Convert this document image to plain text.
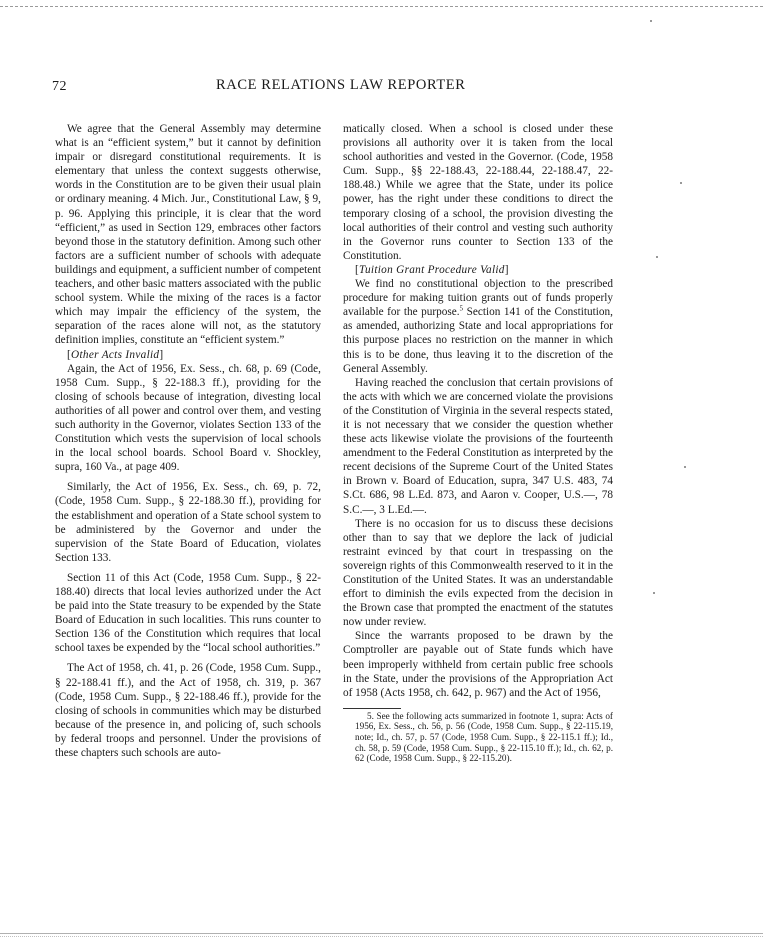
72	RACE RELATIONS LAW REPORTER

We agree that the General Assembly may determine what is an “efficient system,” but it cannot by definition impair or disregard constitutional requirements. It is elementary that unless the context suggests otherwise, words in the Constitution are to be given their usual plain or ordinary meaning. 4 Mich. Jur., Constitutional Law, § 9, p. 96. Applying this principle, it is clear that the word “efficient,” as used in Section 129, embraces other factors beyond those in the statutory definition. Among such other factors are a sufficient number of schools with adequate buildings and equipment, a sufficient number of competent teachers, and other basic matters associated with the public school system. While the mixing of the races is a factor which may impair the efficiency of the system, the separation of the races alone will not, as the statutory definition implies, constitute an “efficient system.”

[Other Acts Invalid]

Again, the Act of 1956, Ex. Sess., ch. 68, p. 69 (Code, 1958 Cum. Supp., § 22-188.3 ff.), providing for the closing of schools because of integration, divesting local authorities of all power and control over them, and vesting such authority in the Governor, violates Section 133 of the Constitution which vests the supervision of local schools in the local school boards. School Board v. Shockley, supra, 160 Va., at page 409.

Similarly, the Act of 1956, Ex. Sess., ch. 69, p. 72, (Code, 1958 Cum. Supp., § 22-188.30 ff.), providing for the establishment and operation of a State school system to be administered by the Governor and under the supervision of the State Board of Education, violates Section 133.

Section 11 of this Act (Code, 1958 Cum. Supp., § 22-188.40) directs that local levies authorized under the Act be paid into the State treasury to be expended by the State Board of Education in such localities. This runs counter to Section 136 of the Constitution which requires that local school taxes be expended by the “local school authorities.”

The Act of 1958, ch. 41, p. 26 (Code, 1958 Cum. Supp., § 22-188.41 ff.), and the Act of 1958, ch. 319, p. 367 (Code, 1958 Cum. Supp., § 22-188.46 ff.), provide for the closing of schools in communities which may be disturbed because of the presence in, and policing of, such schools by federal troops and personnel. Under the provisions of these chapters such schools are auto-

matically closed. When a school is closed under these provisions all authority over it is taken from the local school authorities and vested in the Governor. (Code, 1958 Cum. Supp., §§ 22-188.43, 22-188.44, 22-188.47, 22-188.48.) While we agree that the State, under its police power, has the right under these conditions to direct the temporary closing of a school, the provision divesting the local authorities of their control and vesting such authority in the Governor runs counter to Section 133 of the Constitution.

[Tuition Grant Procedure Valid]

We find no constitutional objection to the prescribed procedure for making tuition grants out of funds properly available for the purpose.$^5$ Section 141 of the Constitution, as amended, authorizing State and local appropriations for this purpose places no restriction on the manner in which this is to be done, thus leaving it to the discretion of the General Assembly.

Having reached the conclusion that certain provisions of the acts with which we are concerned violate the provisions of the Constitution of Virginia in the several respects stated, it is not necessary that we consider the question whether these acts likewise violate the provisions of the fourteenth amendment to the Federal Constitution as interpreted by the recent decisions of the Supreme Court of the United States in Brown v. Board of Education, supra, 347 U.S. 483, 74 S.Ct. 686, 98 L.Ed. 873, and Aaron v. Cooper, U.S.—, 78 S.C.—, 3 L.Ed.—.

There is no occasion for us to discuss these decisions other than to say that we deplore the lack of judicial restraint evinced by that court in trespassing on the sovereign rights of this Commonwealth reserved to it in the Constitution of the United States. It was an understandable effort to diminish the evils expected from the decision in the Brown case that prompted the enactment of the statutes now under review.

Since the warrants proposed to be drawn by the Comptroller are payable out of State funds which have been improperly withheld from certain public free schools in the State, under the provisions of the Appropriation Act of 1958 (Acts 1958, ch. 642, p. 967) and the Act of 1956,

5. See the following acts summarized in footnote 1, supra: Acts of 1956, Ex. Sess., ch. 56, p. 56 (Code, 1958 Cum. Supp., § 22-115.19, note; Id., ch. 57, p. 57 (Code, 1958 Cum. Supp., § 22-115.1 ff.); Id., ch. 58, p. 59 (Code, 1958 Cum. Supp., § 22-115.10 ff.); Id., ch. 62, p. 62 (Code, 1958 Cum. Supp., § 22-115.20).
